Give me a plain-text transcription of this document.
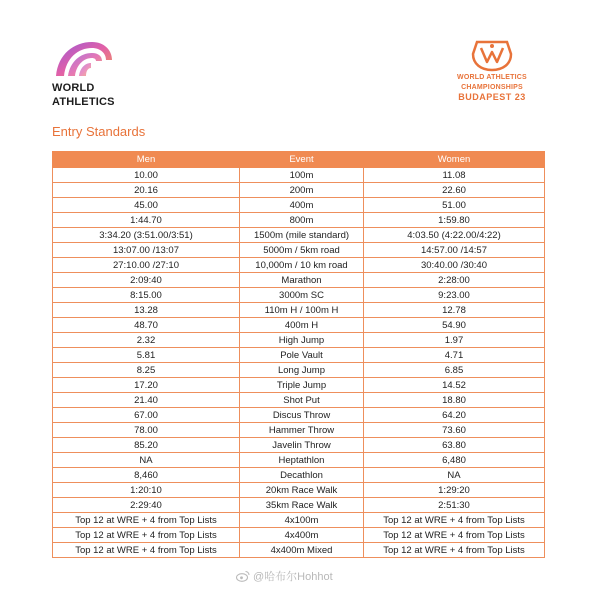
WORLD
ATHLETICS
WORLD ATHLETICS
CHAMPIONSHIPS
BUDAPEST 23
Entry Standards
Men	Event	Women
10.00	100m	11.08
20.16	200m	22.60
45.00	400m	51.00
1:44.70	800m	1:59.80
3:34.20 (3:51.00/3:51)	1500m (mile standard)	4:03.50 (4:22.00/4:22)
13:07.00 /13:07	5000m / 5km road	14:57.00 /14:57
27:10.00 /27:10	10,000m / 10 km road	30:40.00 /30:40
2:09:40	Marathon	2:28:00
8:15.00	3000m SC	9:23.00
13.28	110m H / 100m H	12.78
48.70	400m H	54.90
2.32	High Jump	1.97
5.81	Pole Vault	4.71
8.25	Long Jump	6.85
17.20	Triple Jump	14.52
21.40	Shot Put	18.80
67.00	Discus Throw	64.20
78.00	Hammer Throw	73.60
85.20	Javelin Throw	63.80
NA	Heptathlon	6,480
8,460	Decathlon	NA
1:20:10	20km Race Walk	1:29:20
2:29:40	35km Race Walk	2:51:30
Top 12 at WRE + 4 from Top Lists	4x100m	Top 12 at WRE + 4 from Top Lists
Top 12 at WRE + 4 from Top Lists	4x400m	Top 12 at WRE + 4 from Top Lists
Top 12 at WRE + 4 from Top Lists	4x400m Mixed	Top 12 at WRE + 4 from Top Lists
@哈布尔Hohhot
